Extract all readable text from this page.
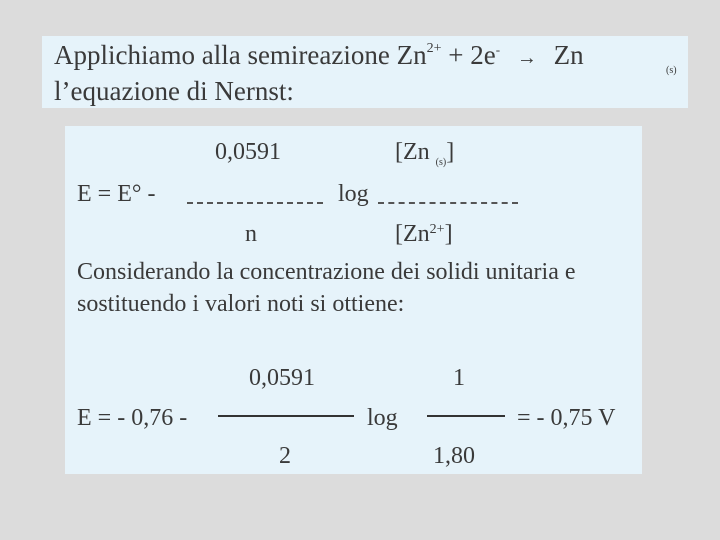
Applichiamo alla semireazione $Zn^{2+} + 2e^- \to Zn$
(s)
l’equazione di Nernst:
0,0591	[Zn $_{(s)}$]
E = E° -	log
n	$[Zn^{2+}]$
Considerando la concentrazione dei solidi unitaria e
sostituendo i valori noti si ottiene:
0,0591	1
E = - 0,76 -	log	= - 0,75 V
2	1,80
